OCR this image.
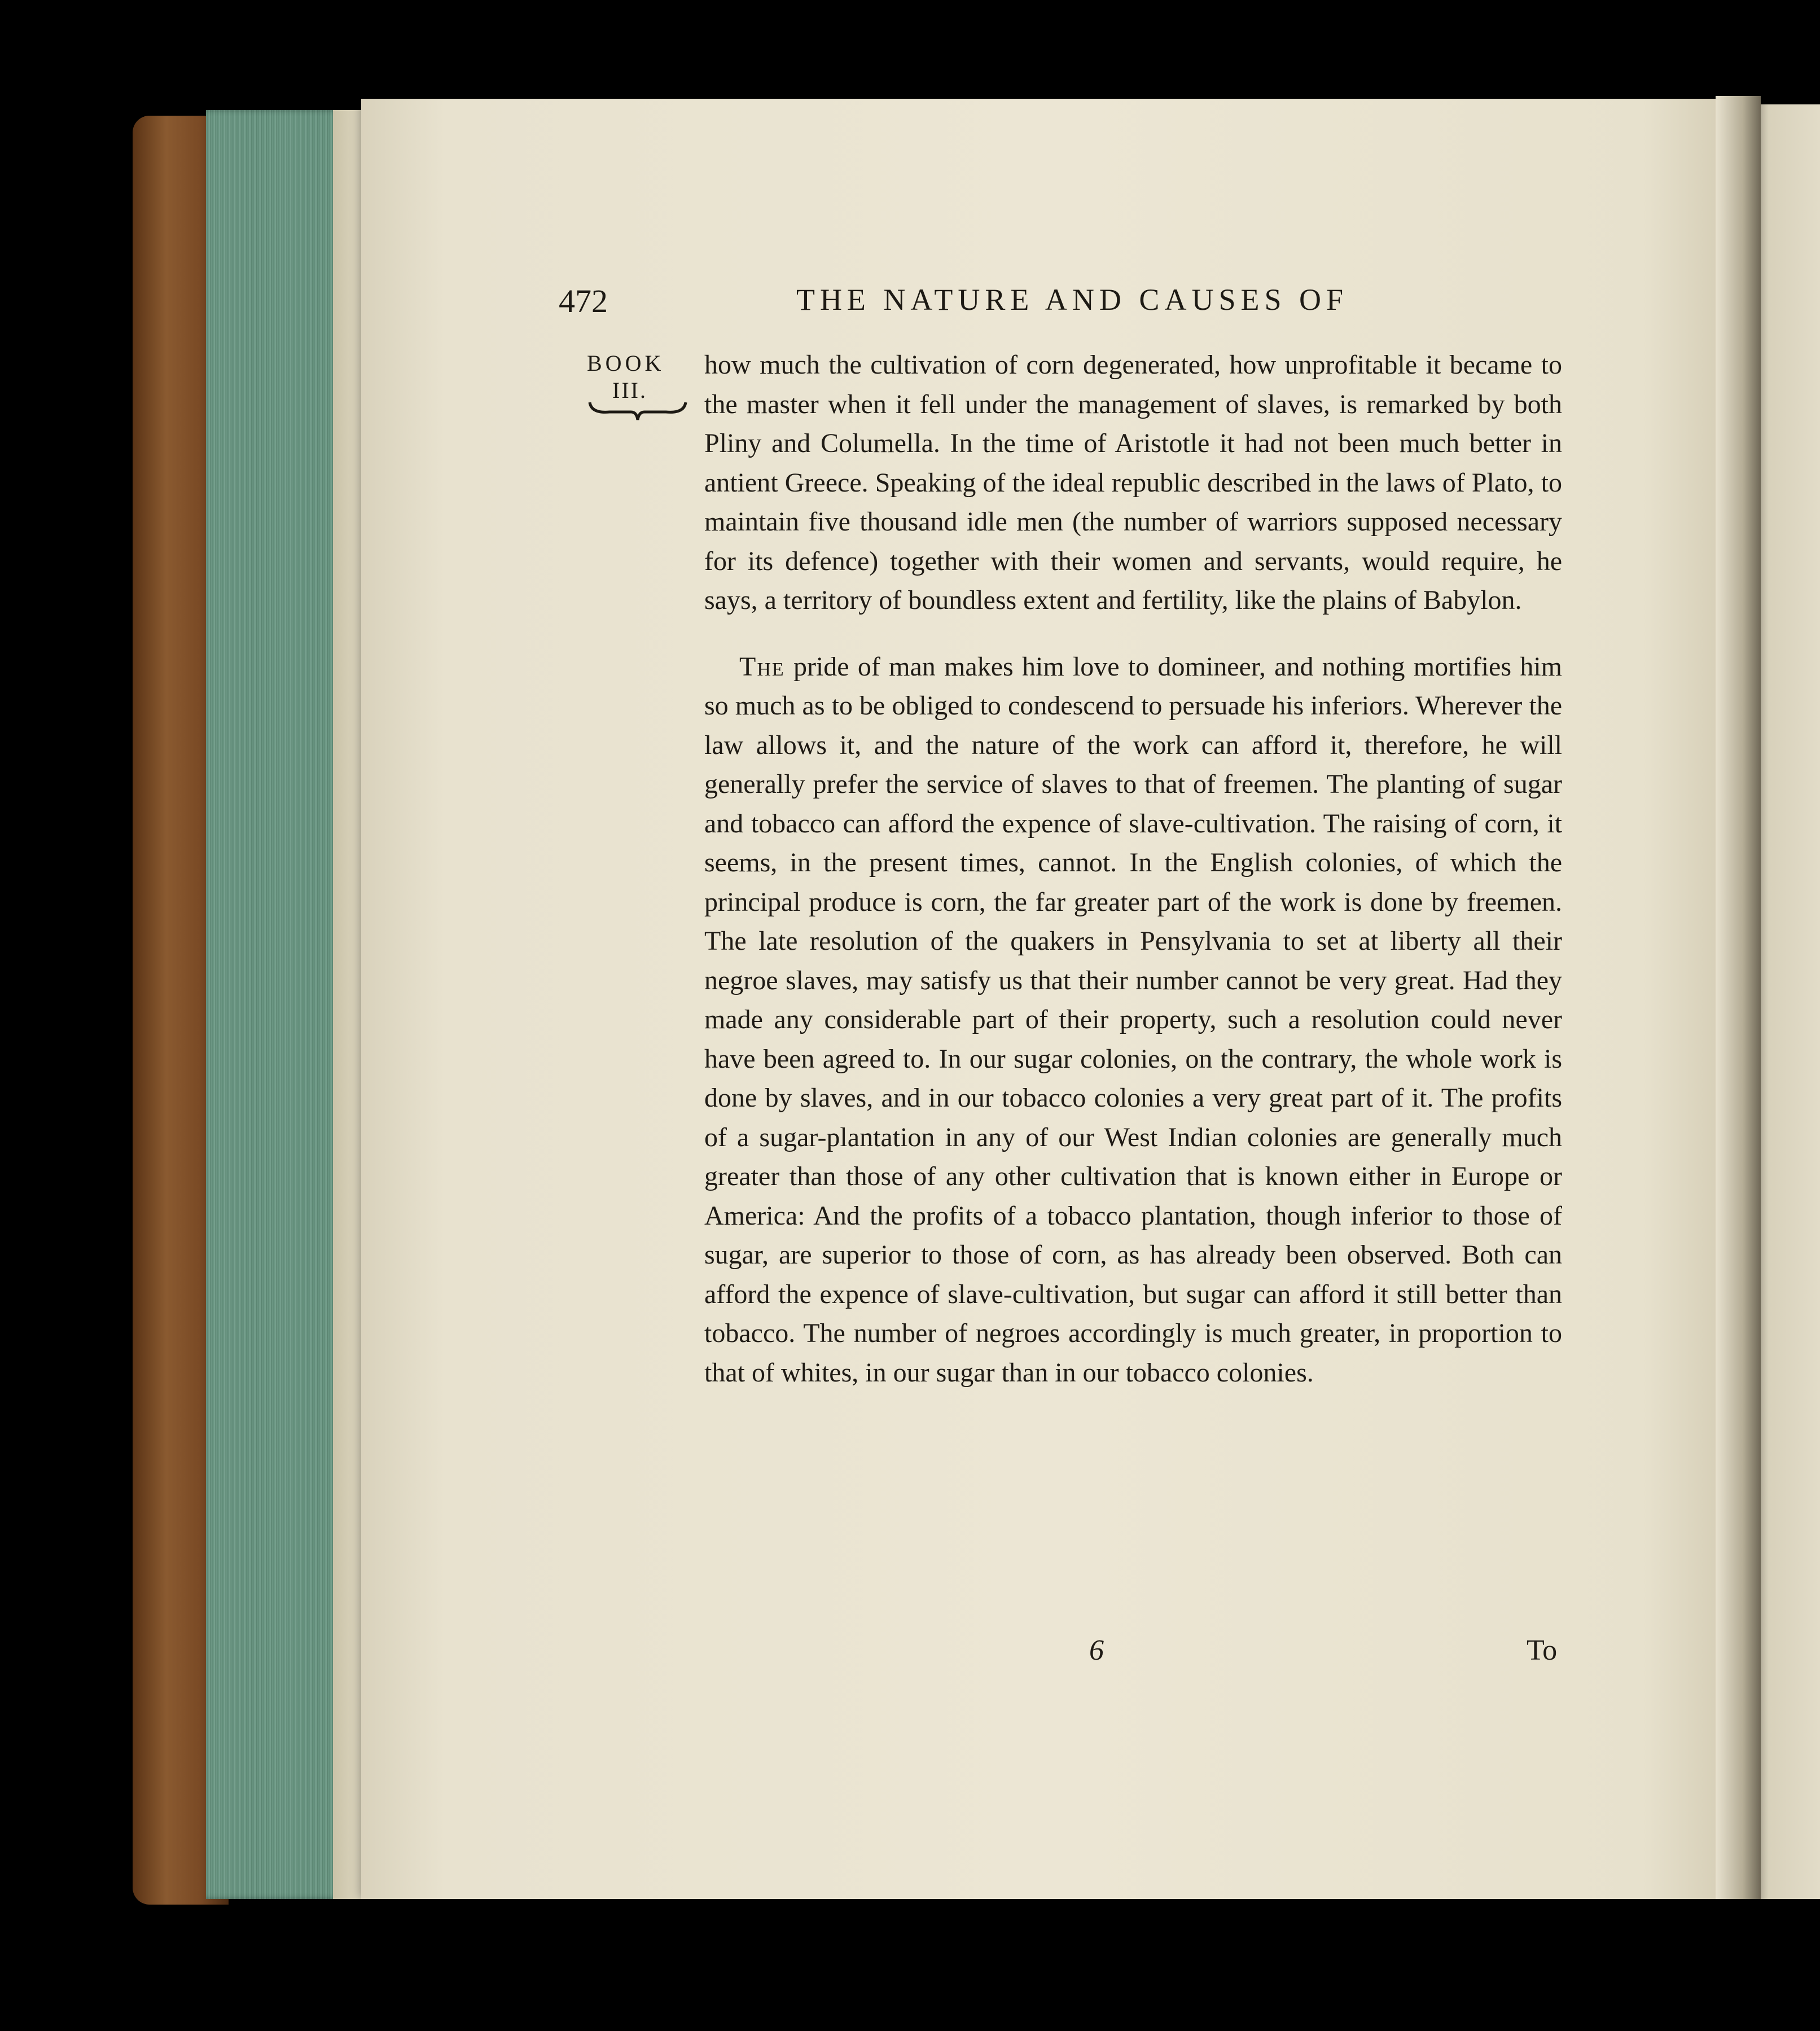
472	THE NATURE AND CAUSES OF
BOOK
III.

how much the cultivation of corn degenerated, how unprofitable it became to the master when it fell under the management of slaves, is remarked by both Pliny and Columella. In the time of Aristotle it had not been much better in antient Greece. Speaking of the ideal republic described in the laws of Plato, to maintain five thousand idle men (the number of warriors supposed necessary for its defence) together with their women and servants, would require, he says, a territory of boundless extent and fertility, like the plains of Babylon.

The pride of man makes him love to domineer, and nothing mortifies him so much as to be obliged to condescend to persuade his inferiors. Wherever the law allows it, and the nature of the work can afford it, therefore, he will generally prefer the service of slaves to that of freemen. The planting of sugar and tobacco can afford the expence of slave-cultivation. The raising of corn, it seems, in the present times, cannot. In the English colonies, of which the principal produce is corn, the far greater part of the work is done by freemen. The late resolution of the quakers in Pensylvania to set at liberty all their negroe slaves, may satisfy us that their number cannot be very great. Had they made any considerable part of their property, such a resolution could never have been agreed to. In our sugar colonies, on the contrary, the whole work is done by slaves, and in our tobacco colonies a very great part of it. The profits of a sugar-plantation in any of our West Indian colonies are generally much greater than those of any other cultivation that is known either in Europe or America: And the profits of a tobacco plantation, though inferior to those of sugar, are superior to those of corn, as has already been observed. Both can afford the expence of slave-cultivation, but sugar can afford it still better than tobacco. The number of negroes accordingly is much greater, in proportion to that of whites, in our sugar than in our tobacco colonies.

6	To
